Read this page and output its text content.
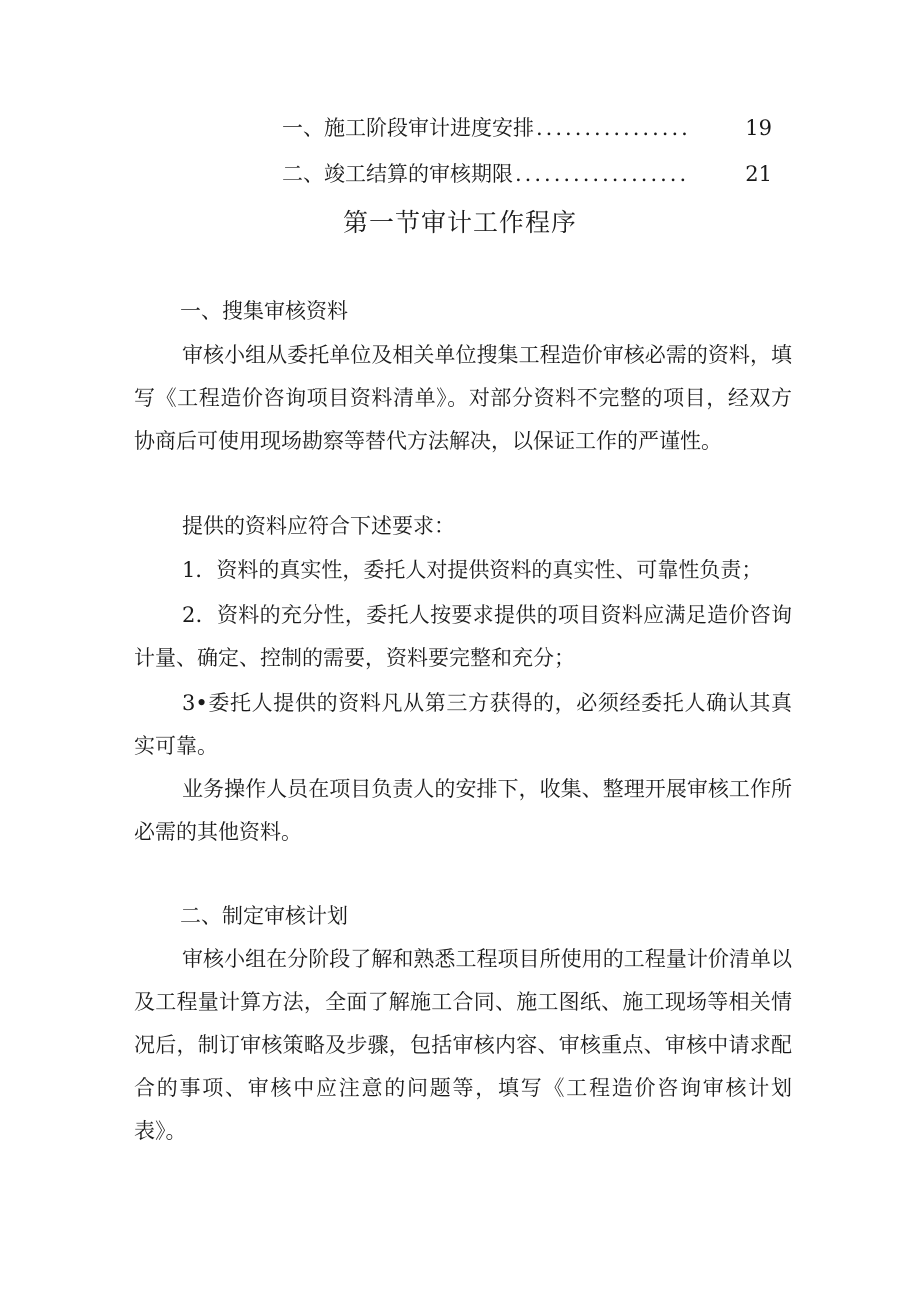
一、施工阶段审计进度安排 ................	19
二、竣工结算的审核期限 ..................	21
第一节审计工作程序
一、搜集审核资料

审核小组从委托单位及相关单位搜集工程造价审核必需的资料，填写《工程造价咨询项目资料清单》。对部分资料不完整的项目，经双方协商后可使用现场勘察等替代方法解决，以保证工作的严谨性。

提供的资料应符合下述要求：

1．资料的真实性，委托人对提供资料的真实性、可靠性负责；

2．资料的充分性，委托人按要求提供的项目资料应满足造价咨询计量、确定、控制的需要，资料要完整和充分；

3•委托人提供的资料凡从第三方获得的，必须经委托人确认其真实可靠。

业务操作人员在项目负责人的安排下，收集、整理开展审核工作所必需的其他资料。

二、制定审核计划

审核小组在分阶段了解和熟悉工程项目所使用的工程量计价清单以及工程量计算方法，全面了解施工合同、施工图纸、施工现场等相关情况后，制订审核策略及步骤，包括审核内容、审核重点、审核中请求配合的事项、审核中应注意的问题等，填写《工程造价咨询审核计划表》。
